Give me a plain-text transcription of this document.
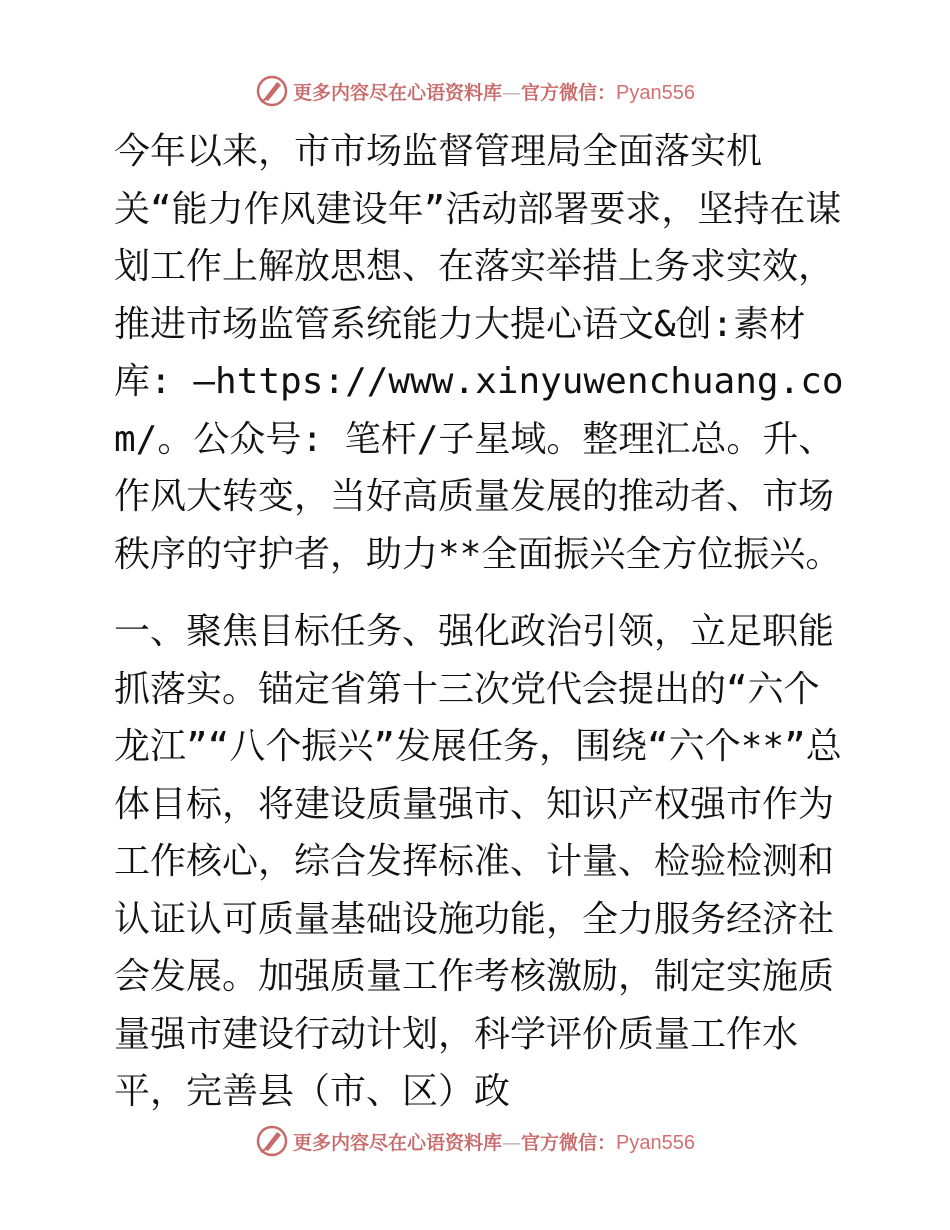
更多内容尽在心语资料库—官方微信：Pyan556

今年以来，市市场监督管理局全面落实机关“能力作风建设年”活动部署要求，坚持在谋划工作上解放思想、在落实举措上务求实效，推进市场监管系统能力大提心语文&创:素材库: —https://www.xinyuwenchuang.com/。公众号: 笔杆/子星域。整理汇总。升、作风大转变，当好高质量发展的推动者、市场秩序的守护者，助力**全面振兴全方位振兴。

一、聚焦目标任务、强化政治引领，立足职能抓落实。锚定省第十三次党代会提出的“六个龙江”“八个振兴”发展任务，围绕“六个**”总体目标，将建设质量强市、知识产权强市作为工作核心，综合发挥标准、计量、检验检测和认证认可质量基础设施功能，全力服务经济社会发展。加强质量工作考核激励，制定实施质量强市建设行动计划，科学评价质量工作水平，完善县（市、区）政

更多内容尽在心语资料库—官方微信：Pyan556
